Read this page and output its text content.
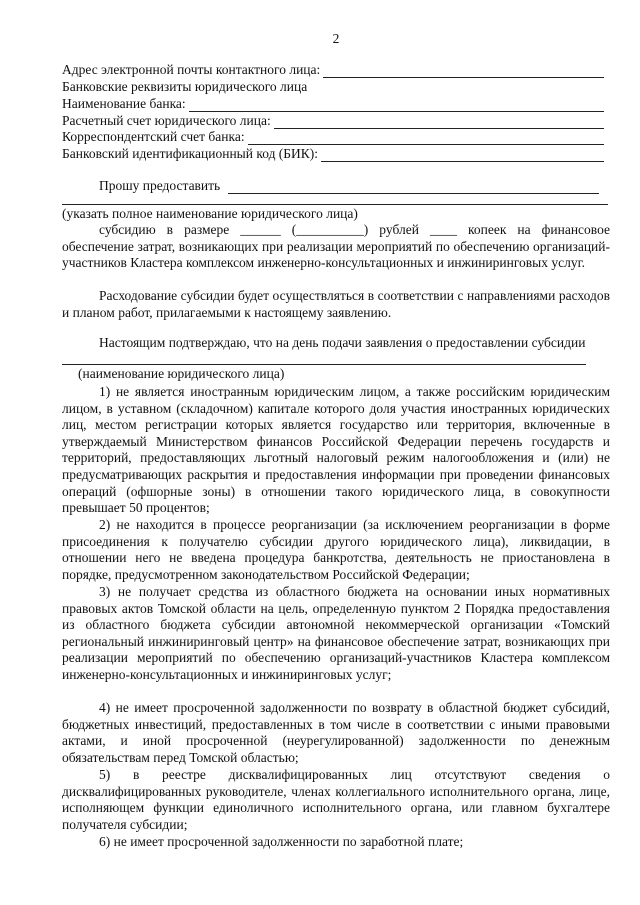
2
Адрес электронной почты контактного лица:
Банковские реквизиты юридического лица
Наименование банка:
Расчетный счет юридического лица:
Корреспондентский счет банка:
Банковский идентификационный код (БИК):
Прошу предоставить
(указать полное наименование юридического лица)
субсидию в размере ______ (__________) рублей ____ копеек на финансовое обеспечение затрат, возникающих при реализации мероприятий по обеспечению организаций-участников Кластера комплексом инженерно-консультационных и инжиниринговых услуг.
Расходование субсидии будет осуществляться в соответствии с направлениями расходов и планом работ, прилагаемыми к настоящему заявлению.
Настоящим подтверждаю, что на день подачи заявления о предоставлении субсидии
(наименование юридического лица)
1) не является иностранным юридическим лицом, а также российским юридическим лицом, в уставном (складочном) капитале которого доля участия иностранных юридических лиц, местом регистрации которых является государство или территория, включенные в утверждаемый Министерством финансов Российской Федерации перечень государств и территорий, предоставляющих льготный налоговый режим налогообложения и (или) не предусматривающих раскрытия и предоставления информации при проведении финансовых операций (офшорные зоны) в отношении такого юридического лица, в совокупности превышает 50 процентов;
2) не находится в процессе реорганизации (за исключением реорганизации в форме присоединения к получателю субсидии другого юридического лица), ликвидации, в отношении него не введена процедура банкротства, деятельность не приостановлена в порядке, предусмотренном законодательством Российской Федерации;
3) не получает средства из областного бюджета на основании иных нормативных правовых актов Томской области на цель, определенную пунктом 2 Порядка предоставления из областного бюджета субсидии автономной некоммерческой организации «Томский региональный инжиниринговый центр» на финансовое обеспечение затрат, возникающих при реализации мероприятий по обеспечению организаций-участников Кластера комплексом инженерно-консультационных и инжиниринговых услуг;
4) не имеет просроченной задолженности по возврату в областной бюджет субсидий, бюджетных инвестиций, предоставленных в том числе в соответствии с иными правовыми актами, и иной просроченной (неурегулированной) задолженности по денежным обязательствам перед Томской областью;
5) в реестре дисквалифицированных лиц отсутствуют сведения о дисквалифицированных руководителе, членах коллегиального исполнительного органа, лице, исполняющем функции единоличного исполнительного органа, или главном бухгалтере получателя субсидии;
6) не имеет просроченной задолженности по заработной плате;
